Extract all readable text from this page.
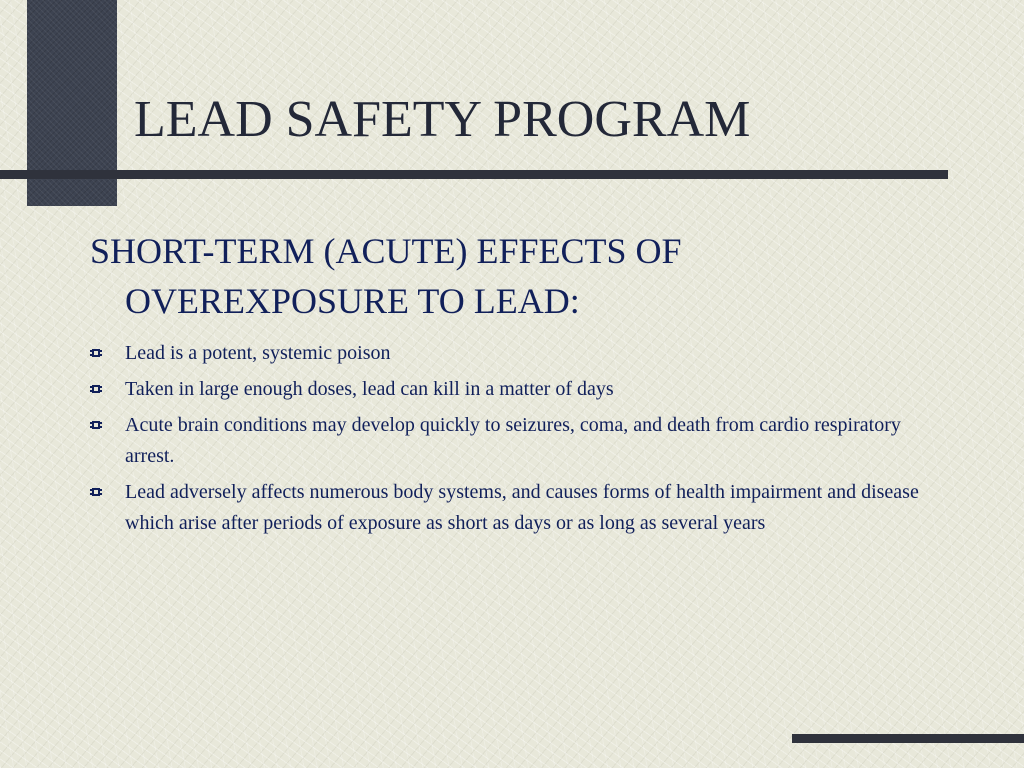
LEAD SAFETY PROGRAM

SHORT-TERM (ACUTE) EFFECTS OF OVEREXPOSURE TO LEAD:

Lead is a potent, systemic poison
Taken in large enough doses, lead can kill in a matter of days
Acute brain conditions may develop quickly to seizures, coma, and death from cardio respiratory arrest.
Lead adversely affects numerous body systems, and causes forms of health impairment and disease which arise after periods of exposure as short as days or as long as several years
